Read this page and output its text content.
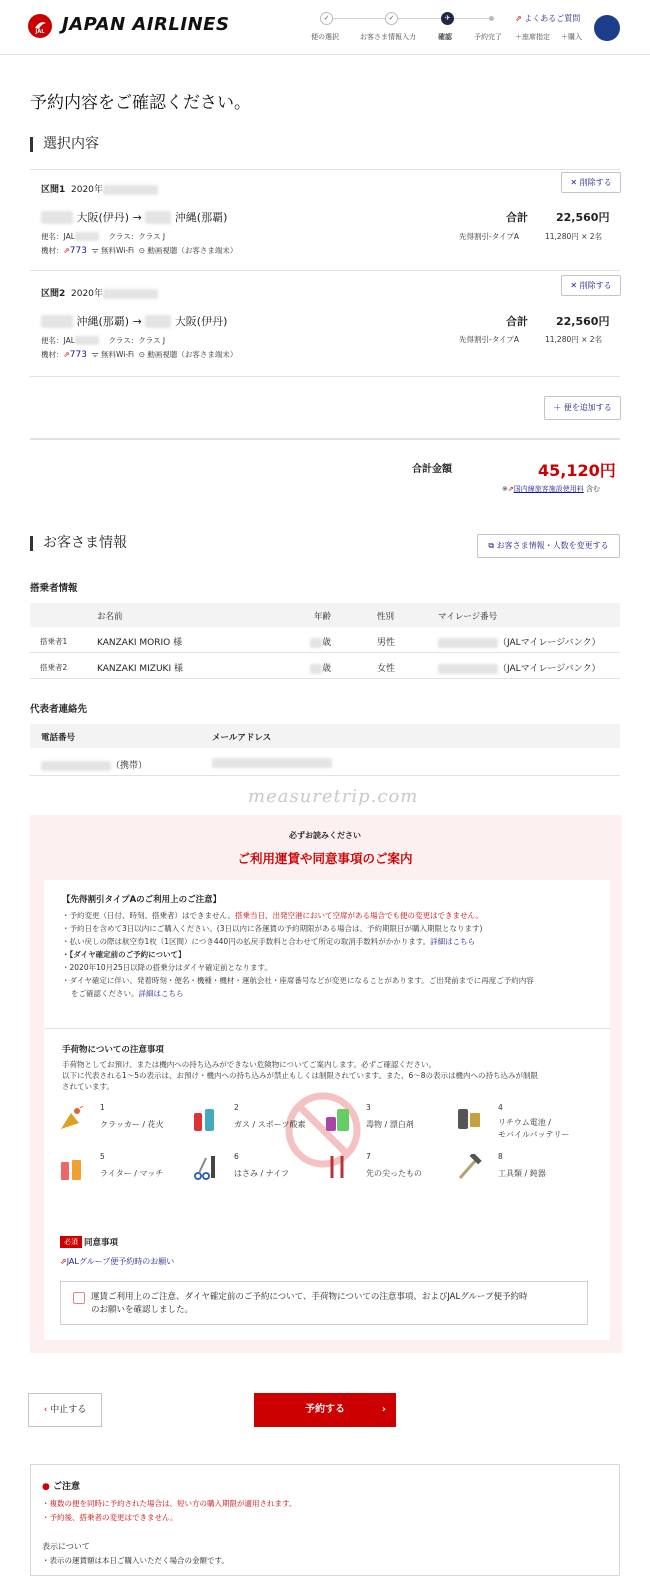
JAL JAPAN AIRLINES	✓	✓	✈
便の選択	お客さま情報入力	確認	予約完了 ＋座席指定 ＋購入
⇗ よくあるご質問
予約内容をご確認ください。
選択内容
区間1 2020年
✕ 削除する
大阪(伊丹) →	沖縄(那覇)
便名：JAL	クラス：クラス J
機材：⇗773 ᯤ 無料Wi-Fi ⊙ 動画視聴（お客さま端末）
合計	22,560円
先得割引-タイプA	11,280円 × 2名
区間2 2020年
✕ 削除する
沖縄(那覇) →	大阪(伊丹)
便名：JAL	クラス：クラス J
機材：⇗773 ᯤ 無料Wi-Fi ⊙ 動画視聴（お客さま端末）
合計	22,560円
先得割引-タイプA	11,280円 × 2名
＋ 便を追加する
合計金額	45,120円
※⇗国内線旅客施設使用料 含む
お客さま情報	⧉ お客さま情報・人数を変更する
搭乗者情報
お名前	年齢	性別	マイレージ番号
搭乗者1	KANZAKI MORIO 様	歳	男性	（JALマイレージバンク）
搭乗者2	KANZAKI MIZUKI 様	歳	女性	（JALマイレージバンク）
代表者連絡先
電話番号	メールアドレス
（携帯）
measuretrip.com
必ずお読みください
ご利用運賃や同意事項のご案内
【先得割引タイプAのご利用上のご注意】
・予約変更（日付、時刻、搭乗者）はできません。搭乗当日、出発空港において空席がある場合でも便の変更はできません。
・予約日を含めて3日以内にご購入ください。(3日以内に各運賃の予約期限がある場合は、予約期限日が購入期限となります)
・払い戻しの際は航空券1枚（1区間）につき440円の払戻手数料と合わせて所定の取消手数料がかかります。詳細はこちら
・【ダイヤ確定前のご予約について】
・2020年10月25日以降の搭乗分はダイヤ確定前となります。
・ダイヤ確定に伴い、発着時刻・便名・機種・機材・運航会社・座席番号などが変更になることがあります。ご出発前までに再度ご予約内容
をご確認ください。詳細はこちら
手荷物についての注意事項
手荷物としてお預け、または機内への持ち込みができない危険物についてご案内します。必ずご確認ください。
以下に代表される1〜5の表示は、お預け・機内への持ち込みが禁止もしくは制限されています。また、6〜8の表示は機内への持ち込みが制限
されています。
1
クラッカー / 花火
2
ガス / スポーツ酸素
3
毒物 / 漂白剤
4
リチウム電池 /
モバイルバッテリー
5
ライター / マッチ
6
はさみ / ナイフ
7
先の尖ったもの
8
工具類 / 鈍器
必須 同意事項
⇗JALグループ便予約時のお願い
運賃ご利用上のご注意、ダイヤ確定前のご予約について、手荷物についての注意事項、およびJALグループ便予約時
のお願いを確認しました。
‹ 中止する	予約する	›
● ご注意
・複数の便を同時に予約された場合は、短い方の購入期限が適用されます。
・予約後、搭乗者の変更はできません。
表示について
・表示の運賃額は本日ご購入いただく場合の金額です。
